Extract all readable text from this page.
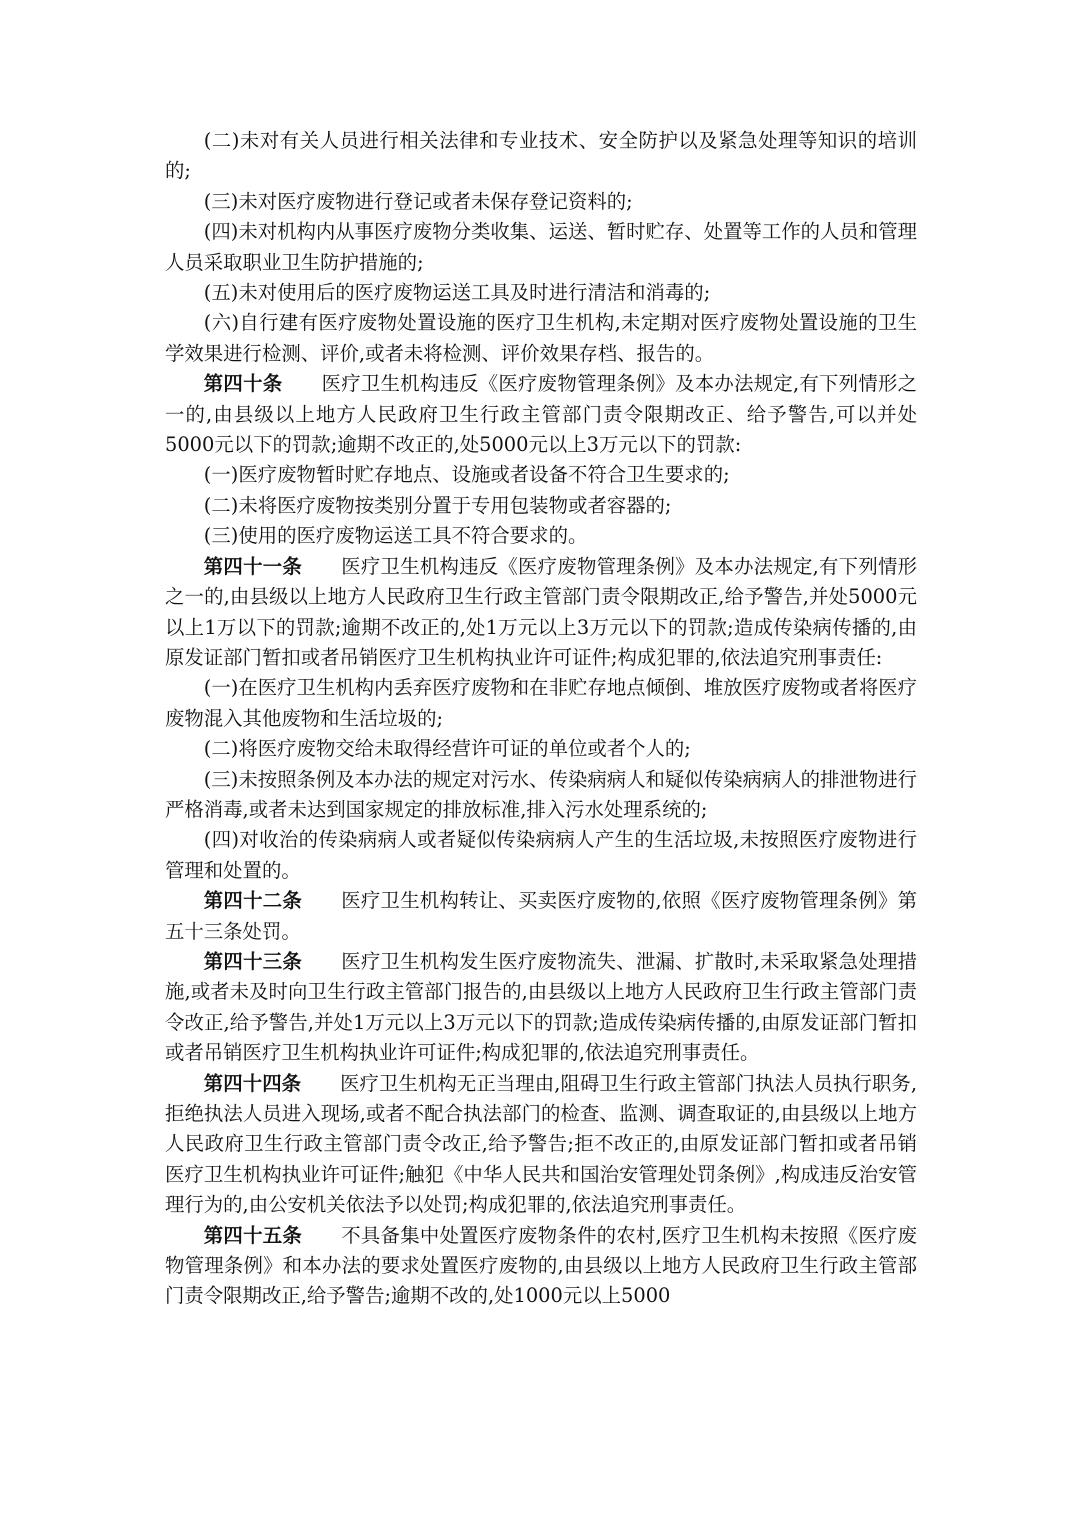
(二)未对有关人员进行相关法律和专业技术、安全防护以及紧急处理等知识的培训的;

(三)未对医疗废物进行登记或者未保存登记资料的;

(四)未对机构内从事医疗废物分类收集、运送、暂时贮存、处置等工作的人员和管理人员采取职业卫生防护措施的;

(五)未对使用后的医疗废物运送工具及时进行清洁和消毒的;

(六)自行建有医疗废物处置设施的医疗卫生机构,未定期对医疗废物处置设施的卫生学效果进行检测、评价,或者未将检测、评价效果存档、报告的。

第四十条　　 医疗卫生机构违反《医疗废物管理条例》及本办法规定,有下列情形之一的,由县级以上地方人民政府卫生行政主管部门责令限期改正、给予警告,可以并处5000元以下的罚款;逾期不改正的,处5000元以上3万元以下的罚款:

(一)医疗废物暂时贮存地点、设施或者设备不符合卫生要求的;

(二)未将医疗废物按类别分置于专用包装物或者容器的;

(三)使用的医疗废物运送工具不符合要求的。

第四十一条　　 医疗卫生机构违反《医疗废物管理条例》及本办法规定,有下列情形之一的,由县级以上地方人民政府卫生行政主管部门责令限期改正,给予警告,并处5000元以上1万以下的罚款;逾期不改正的,处1万元以上3万元以下的罚款;造成传染病传播的,由原发证部门暂扣或者吊销医疗卫生机构执业许可证件;构成犯罪的,依法追究刑事责任:

(一)在医疗卫生机构内丢弃医疗废物和在非贮存地点倾倒、堆放医疗废物或者将医疗废物混入其他废物和生活垃圾的;

(二)将医疗废物交给未取得经营许可证的单位或者个人的;

(三)未按照条例及本办法的规定对污水、传染病病人和疑似传染病病人的排泄物进行严格消毒,或者未达到国家规定的排放标准,排入污水处理系统的;

(四)对收治的传染病病人或者疑似传染病病人产生的生活垃圾,未按照医疗废物进行管理和处置的。

第四十二条　　 医疗卫生机构转让、买卖医疗废物的,依照《医疗废物管理条例》第五十三条处罚。

第四十三条　　 医疗卫生机构发生医疗废物流失、泄漏、扩散时,未采取紧急处理措施,或者未及时向卫生行政主管部门报告的,由县级以上地方人民政府卫生行政主管部门责令改正,给予警告,并处1万元以上3万元以下的罚款;造成传染病传播的,由原发证部门暂扣或者吊销医疗卫生机构执业许可证件;构成犯罪的,依法追究刑事责任。

第四十四条　　 医疗卫生机构无正当理由,阻碍卫生行政主管部门执法人员执行职务,拒绝执法人员进入现场,或者不配合执法部门的检查、监测、调查取证的,由县级以上地方人民政府卫生行政主管部门责令改正,给予警告;拒不改正的,由原发证部门暂扣或者吊销医疗卫生机构执业许可证件;触犯《中华人民共和国治安管理处罚条例》,构成违反治安管理行为的,由公安机关依法予以处罚;构成犯罪的,依法追究刑事责任。

第四十五条　　 不具备集中处置医疗废物条件的农村,医疗卫生机构未按照《医疗废物管理条例》和本办法的要求处置医疗废物的,由县级以上地方人民政府卫生行政主管部门责令限期改正,给予警告;逾期不改的,处1000元以上5000
